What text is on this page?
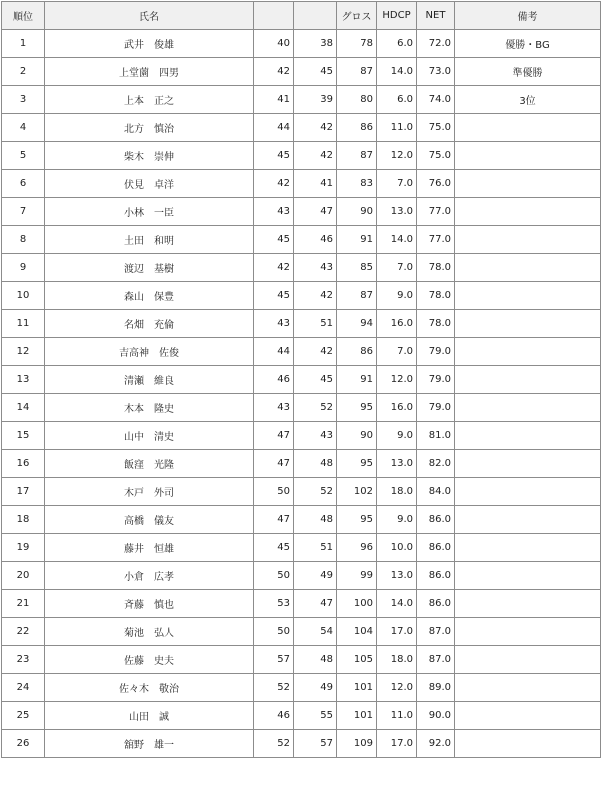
順位	氏名			グロス	HDCP	NET	備考
1	武井　俊雄	40	38	78	6.0	72.0	優勝・BG
2	上堂薗　四男	42	45	87	14.0	73.0	準優勝
3	上本　正之	41	39	80	6.0	74.0	3位
4	北方　慎治	44	42	86	11.0	75.0	
5	柴木　崇伸	45	42	87	12.0	75.0	
6	伏見　卓洋	42	41	83	7.0	76.0	
7	小林　一臣	43	47	90	13.0	77.0	
8	土田　和明	45	46	91	14.0	77.0	
9	渡辺　基樹	42	43	85	7.0	78.0	
10	森山　保豊	45	42	87	9.0	78.0	
11	名畑　充倫	43	51	94	16.0	78.0	
12	吉高神　佐俊	44	42	86	7.0	79.0	
13	清瀬　維良	46	45	91	12.0	79.0	
14	木本　隆史	43	52	95	16.0	79.0	
15	山中　清史	47	43	90	9.0	81.0	
16	飯窪　光隆	47	48	95	13.0	82.0	
17	木戸　外司	50	52	102	18.0	84.0	
18	高橋　儀友	47	48	95	9.0	86.0	
19	藤井　恒雄	45	51	96	10.0	86.0	
20	小倉　広孝	50	49	99	13.0	86.0	
21	斉藤　慎也	53	47	100	14.0	86.0	
22	菊池　弘人	50	54	104	17.0	87.0	
23	佐藤　史夫	57	48	105	18.0	87.0	
24	佐々木　敬治	52	49	101	12.0	89.0	
25	山田　誠	46	55	101	11.0	90.0	
26	舘野　雄一	52	57	109	17.0	92.0	
